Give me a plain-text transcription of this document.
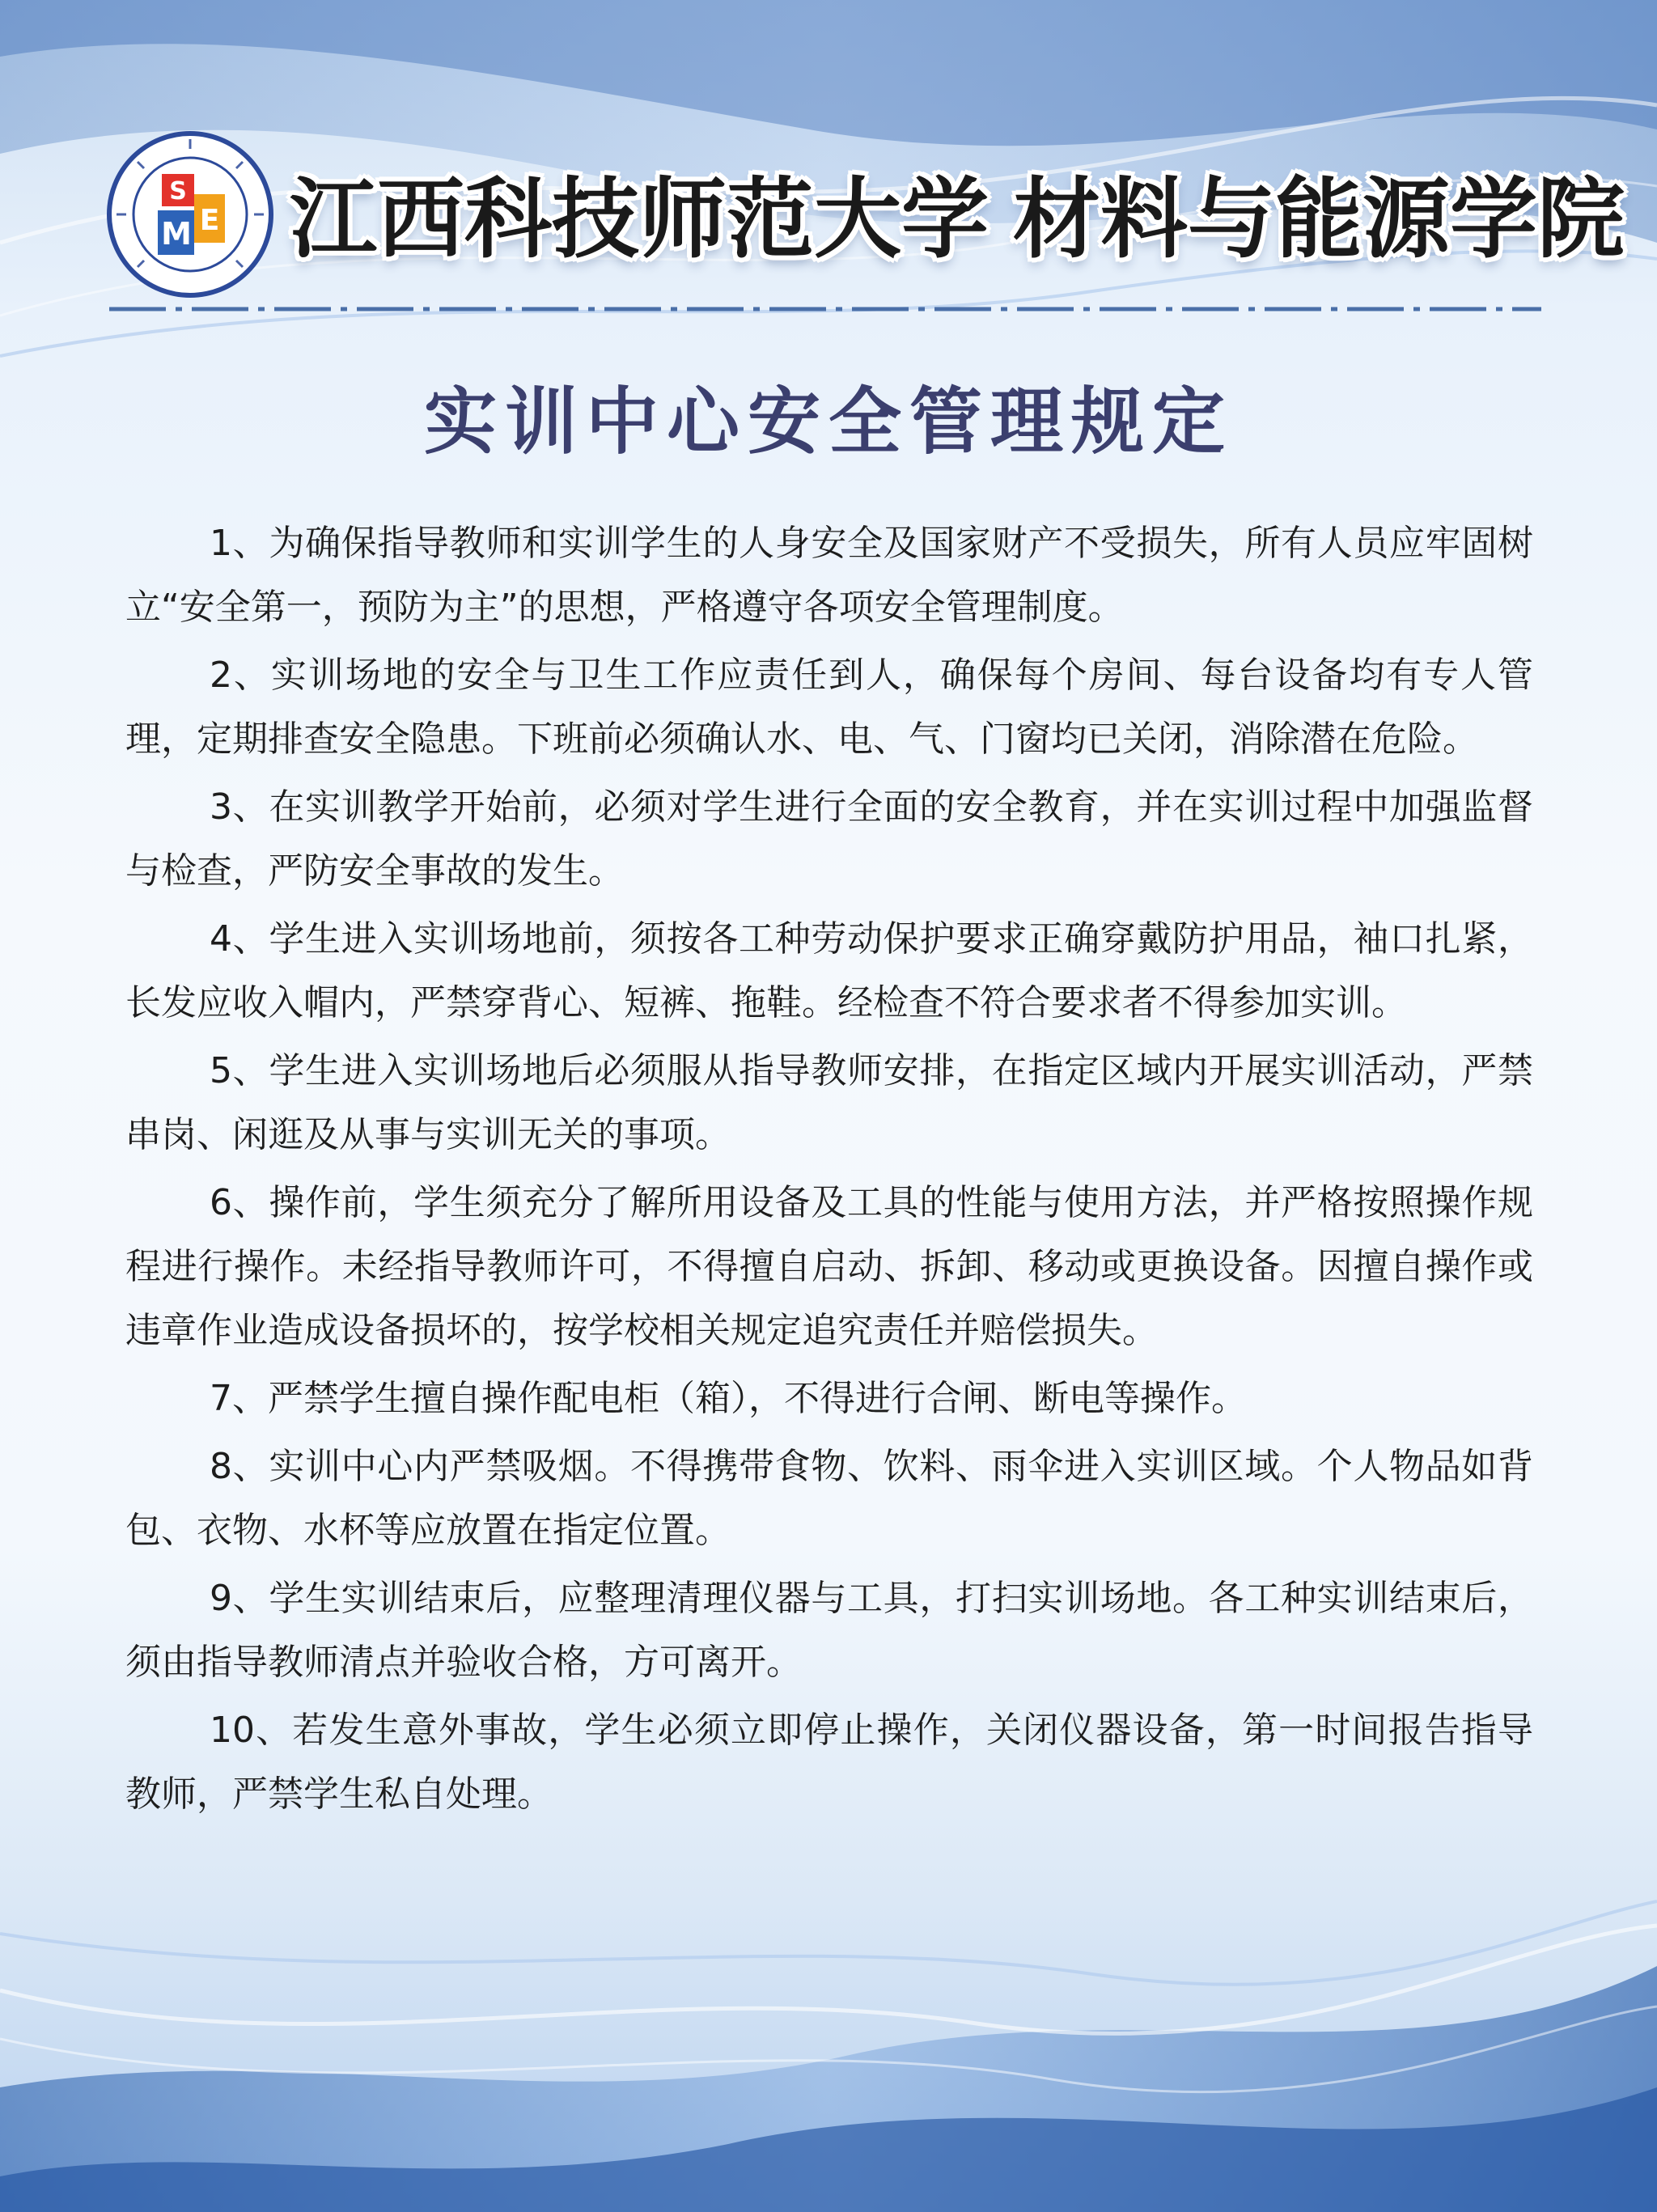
S
M E 江西科技师范大学 材料与能源学院
实训中心安全管理规定
1、为确保指导教师和实训学生的人身安全及国家财产不受损失，所有人员应牢固树立“安全第一，预防为主”的思想，严格遵守各项安全管理制度。
2、实训场地的安全与卫生工作应责任到人，确保每个房间、每台设备均有专人管理，定期排查安全隐患。下班前必须确认水、电、气、门窗均已关闭，消除潜在危险。
3、在实训教学开始前，必须对学生进行全面的安全教育，并在实训过程中加强监督与检查，严防安全事故的发生。
4、学生进入实训场地前，须按各工种劳动保护要求正确穿戴防护用品，袖口扎紧，长发应收入帽内，严禁穿背心、短裤、拖鞋。经检查不符合要求者不得参加实训。
5、学生进入实训场地后必须服从指导教师安排，在指定区域内开展实训活动，严禁串岗、闲逛及从事与实训无关的事项。
6、操作前，学生须充分了解所用设备及工具的性能与使用方法，并严格按照操作规程进行操作。未经指导教师许可，不得擅自启动、拆卸、移动或更换设备。因擅自操作或违章作业造成设备损坏的，按学校相关规定追究责任并赔偿损失。
7、严禁学生擅自操作配电柜（箱），不得进行合闸、断电等操作。
8、实训中心内严禁吸烟。不得携带食物、饮料、雨伞进入实训区域。个人物品如背包、衣物、水杯等应放置在指定位置。
9、学生实训结束后，应整理清理仪器与工具，打扫实训场地。各工种实训结束后，须由指导教师清点并验收合格，方可离开。
10、若发生意外事故，学生必须立即停止操作，关闭仪器设备，第一时间报告指导教师，严禁学生私自处理。
